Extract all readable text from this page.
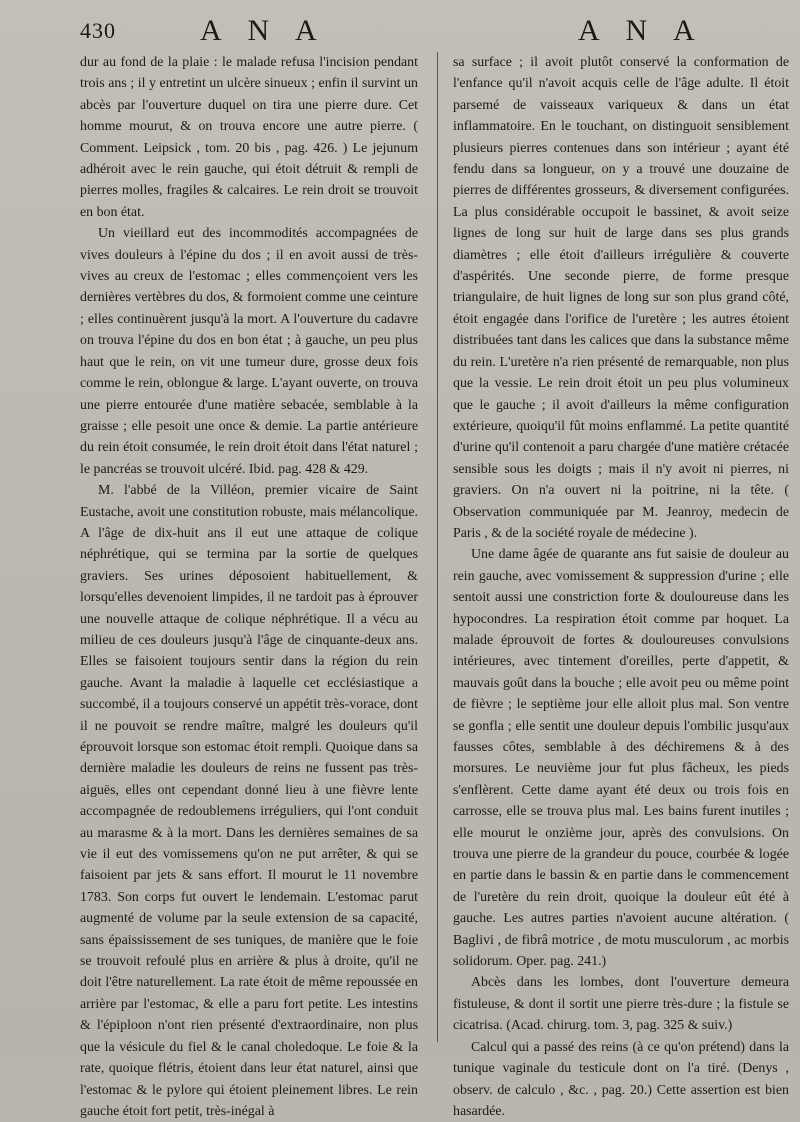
430	A N A	A N A

dur au fond de la plaie : le malade refusa l'incision pendant trois ans ; il y entretint un ulcère sinueux ; enfin il survint un abcès par l'ouverture duquel on tira une pierre dure. Cet homme mourut, & on trouva encore une autre pierre. ( Comment. Leipsick , tom. 20 bis , pag. 426. ) Le jejunum adhéroit avec le rein gauche, qui étoit détruit & rempli de pierres molles, fragiles & calcaires. Le rein droit se trouvoit en bon état.

Un vieillard eut des incommodités accompagnées de vives douleurs à l'épine du dos ; il en avoit aussi de très-vives au creux de l'estomac ; elles commençoient vers les dernières vertèbres du dos, & formoient comme une ceinture ; elles continuèrent jusqu'à la mort. A l'ouverture du cadavre on trouva l'épine du dos en bon état ; à gauche, un peu plus haut que le rein, on vit une tumeur dure, grosse deux fois comme le rein, oblongue & large. L'ayant ouverte, on trouva une pierre entourée d'une matière sebacée, semblable à la graisse ; elle pesoit une once & demie. La partie antérieure du rein étoit consumée, le rein droit étoit dans l'état naturel ; le pancréas se trouvoit ulcéré. Ibid. pag. 428 & 429.

M. l'abbé de la Villéon, premier vicaire de Saint Eustache, avoit une constitution robuste, mais mélancolique. A l'âge de dix-huit ans il eut une attaque de colique néphrétique, qui se termina par la sortie de quelques graviers. Ses urines déposoient habituellement, & lorsqu'elles devenoient limpides, il ne tardoit pas à éprouver une nouvelle attaque de colique néphrétique. Il a vécu au milieu de ces douleurs jusqu'à l'âge de cinquante-deux ans. Elles se faisoient toujours sentir dans la région du rein gauche. Avant la maladie à laquelle cet ecclésiastique a succombé, il a toujours conservé un appétit très-vorace, dont il ne pouvoit se rendre maître, malgré les douleurs qu'il éprouvoit lorsque son estomac étoit rempli. Quoique dans sa dernière maladie les douleurs de reins ne fussent pas très-aiguës, elles ont cependant donné lieu à une fièvre lente accompagnée de redoublemens irréguliers, qui l'ont conduit au marasme & à la mort. Dans les dernières semaines de sa vie il eut des vomissemens qu'on ne put arrêter, & qui se faisoient par jets & sans effort. Il mourut le 11 novembre 1783. Son corps fut ouvert le lendemain. L'estomac parut augmenté de volume par la seule extension de sa capacité, sans épaississement de ses tuniques, de manière que le foie se trouvoit refoulé plus en arrière & plus à droite, qu'il ne doit l'être naturellement. La rate étoit de même repoussée en arrière par l'estomac, & elle a paru fort petite. Les intestins & l'épiploon n'ont rien présenté d'extraordinaire, non plus que la vésicule du fiel & le canal choledoque. Le foie & la rate, quoique flétris, étoient dans leur état naturel, ainsi que l'estomac & le pylore qui étoient pleinement libres. Le rein gauche étoit fort petit, très-inégal à

sa surface ; il avoit plutôt conservé la conformation de l'enfance qu'il n'avoit acquis celle de l'âge adulte. Il étoit parsemé de vaisseaux variqueux & dans un état inflammatoire. En le touchant, on distinguoit sensiblement plusieurs pierres contenues dans son intérieur ; ayant été fendu dans sa longueur, on y a trouvé une douzaine de pierres de différentes grosseurs, & diversement configurées. La plus considérable occupoit le bassinet, & avoit seize lignes de long sur huit de large dans ses plus grands diamètres ; elle étoit d'ailleurs irrégulière & couverte d'aspérités. Une seconde pierre, de forme presque triangulaire, de huit lignes de long sur son plus grand côté, étoit engagée dans l'orifice de l'uretère ; les autres étoient distribuées tant dans les calices que dans la substance même du rein. L'uretère n'a rien présenté de remarquable, non plus que la vessie. Le rein droit étoit un peu plus volumineux que le gauche ; il avoit d'ailleurs la même configuration extérieure, quoiqu'il fût moins enflammé. La petite quantité d'urine qu'il contenoit a paru chargée d'une matière crétacée sensible sous les doigts ; mais il n'y avoit ni pierres, ni graviers. On n'a ouvert ni la poitrine, ni la tête. ( Observation communiquée par M. Jeanroy, medecin de Paris , & de la société royale de médecine ).

Une dame âgée de quarante ans fut saisie de douleur au rein gauche, avec vomissement & suppression d'urine ; elle sentoit aussi une constriction forte & douloureuse dans les hypocondres. La respiration étoit comme par hoquet. La malade éprouvoit de fortes & douloureuses convulsions intérieures, avec tintement d'oreilles, perte d'appetit, & mauvais goût dans la bouche ; elle avoit peu ou même point de fièvre ; le septième jour elle alloit plus mal. Son ventre se gonfla ; elle sentit une douleur depuis l'ombilic jusqu'aux fausses côtes, semblable à des déchiremens & à des morsures. Le neuvième jour fut plus fâcheux, les pieds s'enflèrent. Cette dame ayant été deux ou trois fois en carrosse, elle se trouva plus mal. Les bains furent inutiles ; elle mourut le onzième jour, après des convulsions. On trouva une pierre de la grandeur du pouce, courbée & logée en partie dans le bassin & en partie dans le commencement de l'uretère du rein droit, quoique la douleur eût été à gauche. Les autres parties n'avoient aucune altération. ( Baglivi , de fibrâ motrice , de motu musculorum , ac morbis solidorum. Oper. pag. 241.)

Abcès dans les lombes, dont l'ouverture demeura fistuleuse, & dont il sortit une pierre très-dure ; la fistule se cicatrisa. (Acad. chirurg. tom. 3, pag. 325 & suiv.)

Calcul qui a passé des reins (à ce qu'on prétend) dans la tunique vaginale du testicule dont on l'a tiré. (Denys , observ. de calculo , &c. , pag. 20.) Cette assertion est bien hasardée.
